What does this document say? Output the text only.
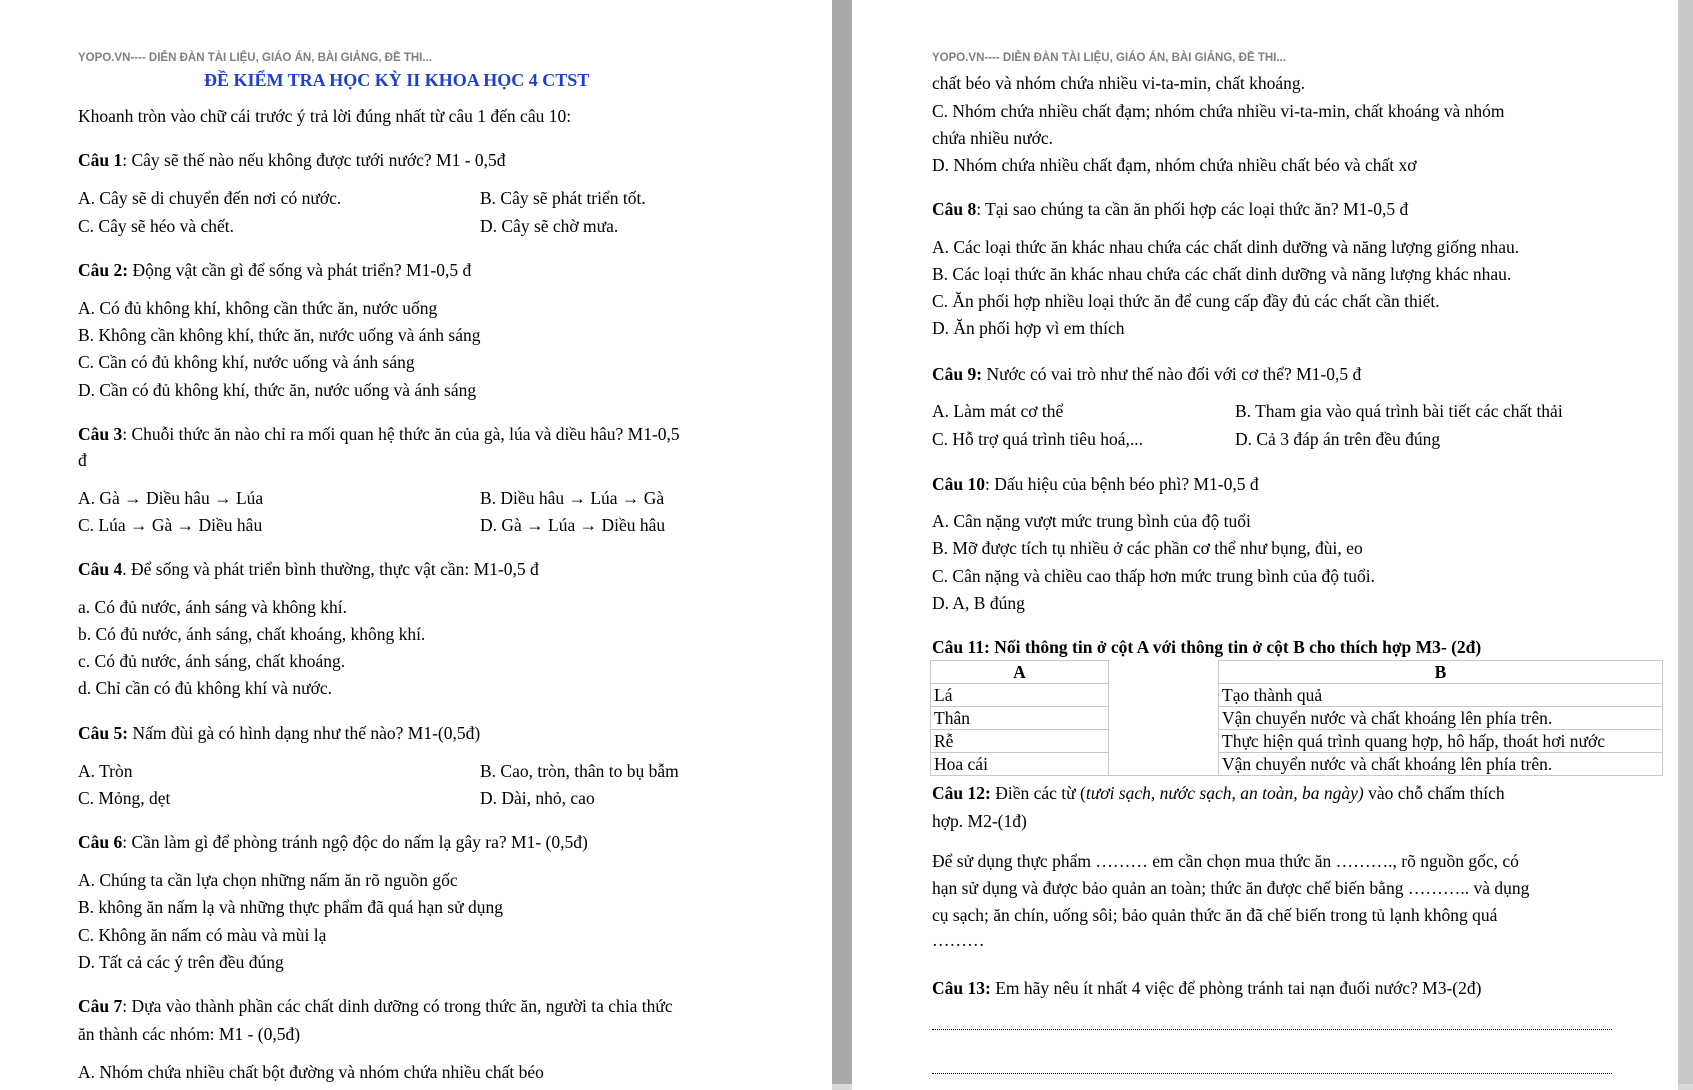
YOPO.VN---- DIỄN ĐÀN TÀI LIỆU, GIÁO ÁN, BÀI GIẢNG, ĐỀ THI...
ĐỀ KIỂM TRA HỌC KỲ II KHOA HỌC 4 CTST
Khoanh tròn vào chữ cái trước ý trả lời đúng nhất từ câu 1 đến câu 10:
Câu 1: Cây sẽ thế nào nếu không được tưới nước? M1 - 0,5đ
A. Cây sẽ di chuyển đến nơi có nước.	B. Cây sẽ phát triển tốt.
C. Cây sẽ héo và chết.	D. Cây sẽ chờ mưa.
Câu 2: Động vật cần gì để sống và phát triển? M1-0,5 đ
A. Có đủ không khí, không cần thức ăn, nước uống
B. Không cần không khí, thức ăn, nước uống và ánh sáng
C. Cần có đủ không khí, nước uống và ánh sáng
D. Cần có đủ không khí, thức ăn, nước uống và ánh sáng
Câu 3: Chuỗi thức ăn nào chỉ ra mối quan hệ thức ăn của gà, lúa và diều hâu? M1-0,5
đ
A. Gà → Diều hâu → Lúa	B. Diều hâu → Lúa → Gà
C. Lúa → Gà → Diều hâu	D. Gà → Lúa → Diều hâu
Câu 4. Để sống và phát triển bình thường, thực vật cần: M1-0,5 đ
a. Có đủ nước, ánh sáng và không khí.
b. Có đủ nước, ánh sáng, chất khoáng, không khí.
c. Có đủ nước, ánh sáng, chất khoáng.
d. Chỉ cần có đủ không khí và nước.
Câu 5: Nấm đùi gà có hình dạng như thế nào? M1-(0,5đ)
A. Tròn	B. Cao, tròn, thân to bụ bẫm
C. Mỏng, dẹt	D. Dài, nhỏ, cao
Câu 6: Cần làm gì để phòng tránh ngộ độc do nấm lạ gây ra? M1- (0,5đ)
A. Chúng ta cần lựa chọn những nấm ăn rõ nguồn gốc
B. không ăn nấm lạ và những thực phẩm đã quá hạn sử dụng
C. Không ăn nấm có màu và mùi lạ
D. Tất cả các ý trên đều đúng
Câu 7: Dựa vào thành phần các chất dinh dưỡng có trong thức ăn, người ta chia thức
ăn thành các nhóm: M1 - (0,5đ)
A. Nhóm chứa nhiều chất bột đường và nhóm chứa nhiều chất béo
YOPO.VN---- DIỄN ĐÀN TÀI LIỆU, GIÁO ÁN, BÀI GIẢNG, ĐỀ THI...
chất béo và nhóm chứa nhiều vi-ta-min, chất khoáng.
C. Nhóm chứa nhiều chất đạm; nhóm chứa nhiều vi-ta-min, chất khoáng và nhóm
chứa nhiều nước.
D. Nhóm chứa nhiều chất đạm, nhóm chứa nhiều chất béo và chất xơ
Câu 8: Tại sao chúng ta cần ăn phối hợp các loại thức ăn? M1-0,5 đ
A. Các loại thức ăn khác nhau chứa các chất dinh dưỡng và năng lượng giống nhau.
B. Các loại thức ăn khác nhau chứa các chất dinh dưỡng và năng lượng khác nhau.
C. Ăn phối hợp nhiều loại thức ăn để cung cấp đầy đủ các chất cần thiết.
D. Ăn phối hợp vì em thích
Câu 9: Nước có vai trò như thế nào đối với cơ thể? M1-0,5 đ
A. Làm mát cơ thể	B. Tham gia vào quá trình bài tiết các chất thải
C. Hỗ trợ quá trình tiêu hoá,...	D. Cả 3 đáp án trên đều đúng
Câu 10: Dấu hiệu của bệnh béo phì? M1-0,5 đ
A. Cân nặng vượt mức trung bình của độ tuổi
B. Mỡ được tích tụ nhiều ở các phần cơ thể như bụng, đùi, eo
C. Cân nặng và chiều cao thấp hơn mức trung bình của độ tuổi.
D. A, B đúng
Câu 11: Nối thông tin ở cột A với thông tin ở cột B cho thích hợp M3- (2đ)
A		B
Lá		Tạo thành quả
Thân		Vận chuyển nước và chất khoáng lên phía trên.
Rễ		Thực hiện quá trình quang hợp, hô hấp, thoát hơi nước
Hoa cái		Vận chuyển nước và chất khoáng lên phía trên.
Câu 12: Điền các từ (tươi sạch, nước sạch, an toàn, ba ngày) vào chỗ chấm thích
hợp. M2-(1đ)
Để sử dụng thực phẩm ……… em cần chọn mua thức ăn ………., rõ nguồn gốc, có
hạn sử dụng và được bảo quản an toàn; thức ăn được chế biến bằng ……….. và dụng
cụ sạch; ăn chín, uống sôi; bảo quản thức ăn đã chế biến trong tủ lạnh không quá
………
Câu 13: Em hãy nêu ít nhất 4 việc để phòng tránh tai nạn đuối nước? M3-(2đ)
